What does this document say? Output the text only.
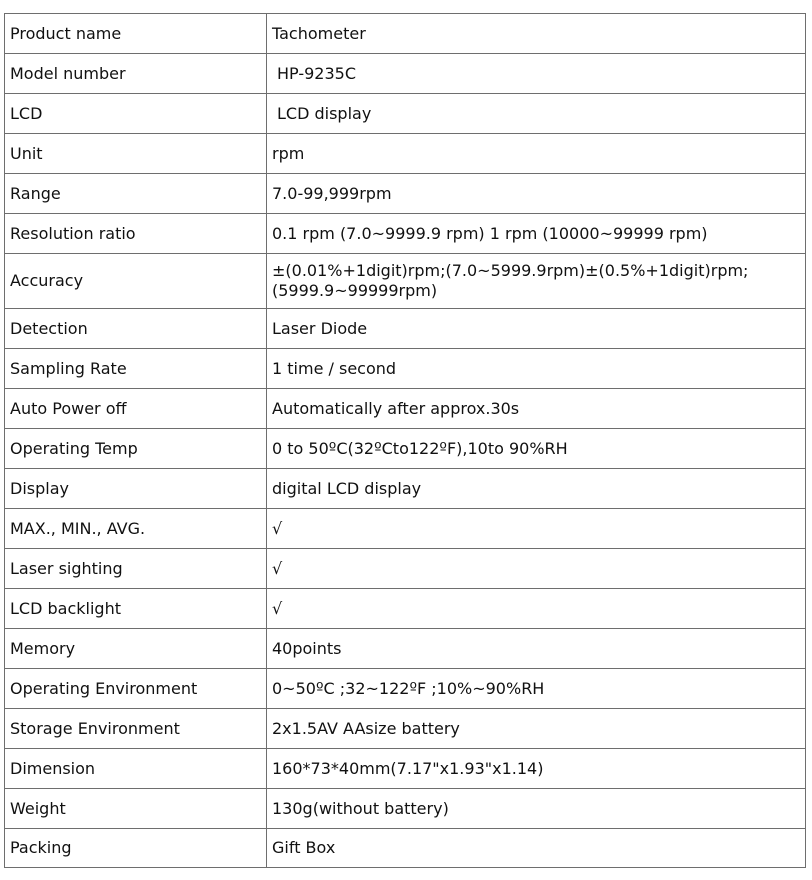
Product name	Tachometer
Model number	HP-9235C
LCD	LCD display
Unit	rpm
Range	7.0-99,999rpm
Resolution ratio	0.1 rpm (7.0~9999.9 rpm) 1 rpm (10000~99999 rpm)
Accuracy	±(0.01%+1digit)rpm;(7.0~5999.9rpm)±(0.5%+1digit)rpm;(5999.9~99999rpm)
Detection	Laser Diode
Sampling Rate	1 time / second
Auto Power off	Automatically after approx.30s
Operating Temp	0 to 50ºC(32ºCto122ºF),10to 90%RH
Display	digital LCD display
MAX., MIN., AVG.	√
Laser sighting	√
LCD backlight	√
Memory	40points
Operating Environment	0~50ºC ;32~122ºF ;10%~90%RH
Storage Environment	2x1.5AV AAsize battery
Dimension	160*73*40mm(7.17"x1.93"x1.14)
Weight	130g(without battery)
Packing	Gift Box
